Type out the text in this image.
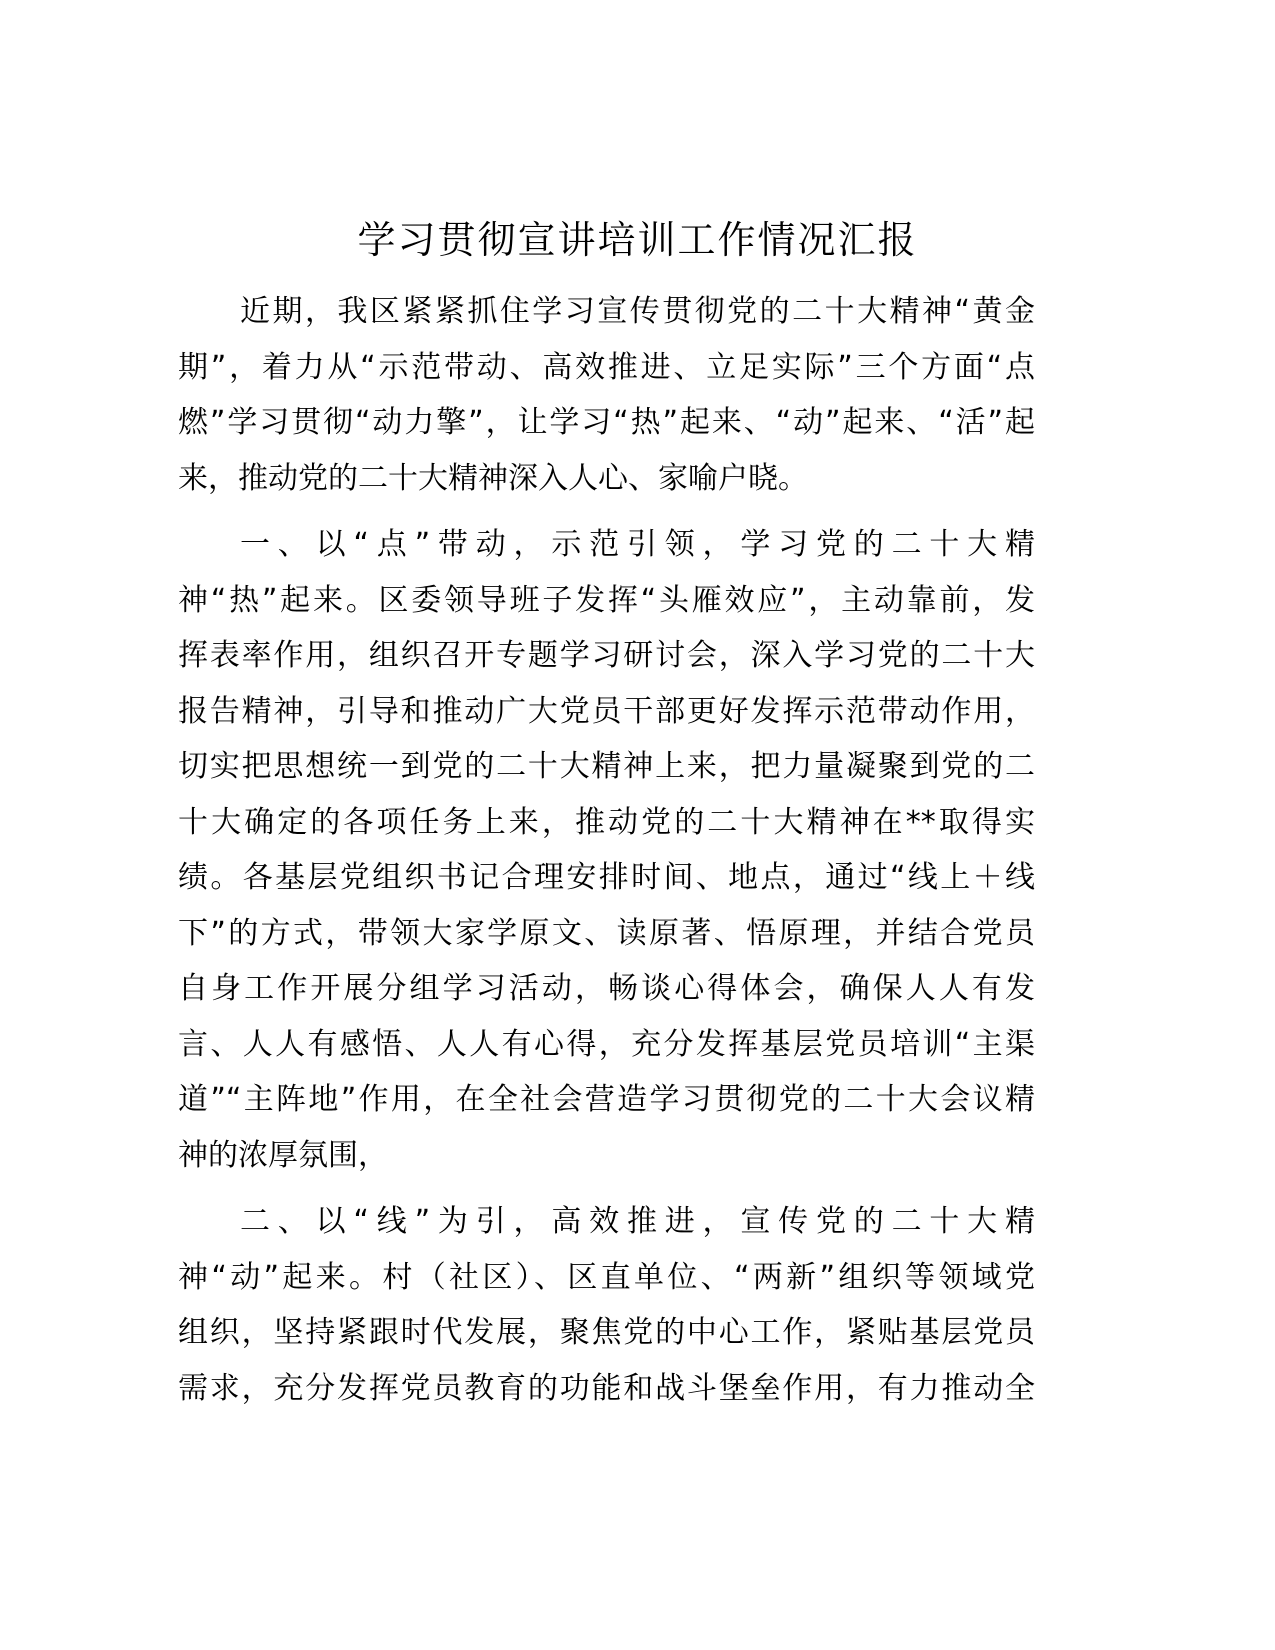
学习贯彻宣讲培训工作情况汇报
近期，我区紧紧抓住学习宣传贯彻党的二十大精神“黄金
期”，着力从“示范带动、高效推进、立足实际”三个方面“点
燃”学习贯彻“动力擎”，让学习“热”起来、“动”起来、“活”起
来，推动党的二十大精神深入人心、家喻户晓。
一、以“点”带动，示范引领，学习党的二十大精
神“热”起来。区委领导班子发挥“头雁效应”，主动靠前，发
挥表率作用，组织召开专题学习研讨会，深入学习党的二十大
报告精神，引导和推动广大党员干部更好发挥示范带动作用，
切实把思想统一到党的二十大精神上来，把力量凝聚到党的二
十大确定的各项任务上来，推动党的二十大精神在**取得实
绩。各基层党组织书记合理安排时间、地点，通过“线上＋线
下”的方式，带领大家学原文、读原著、悟原理，并结合党员
自身工作开展分组学习活动，畅谈心得体会，确保人人有发
言、人人有感悟、人人有心得，充分发挥基层党员培训“主渠
道”“主阵地”作用，在全社会营造学习贯彻党的二十大会议精
神的浓厚氛围，
二、以“线”为引，高效推进，宣传党的二十大精
神“动”起来。村（社区）、区直单位、“两新”组织等领域党
组织，坚持紧跟时代发展，聚焦党的中心工作，紧贴基层党员
需求，充分发挥党员教育的功能和战斗堡垒作用，有力推动全
